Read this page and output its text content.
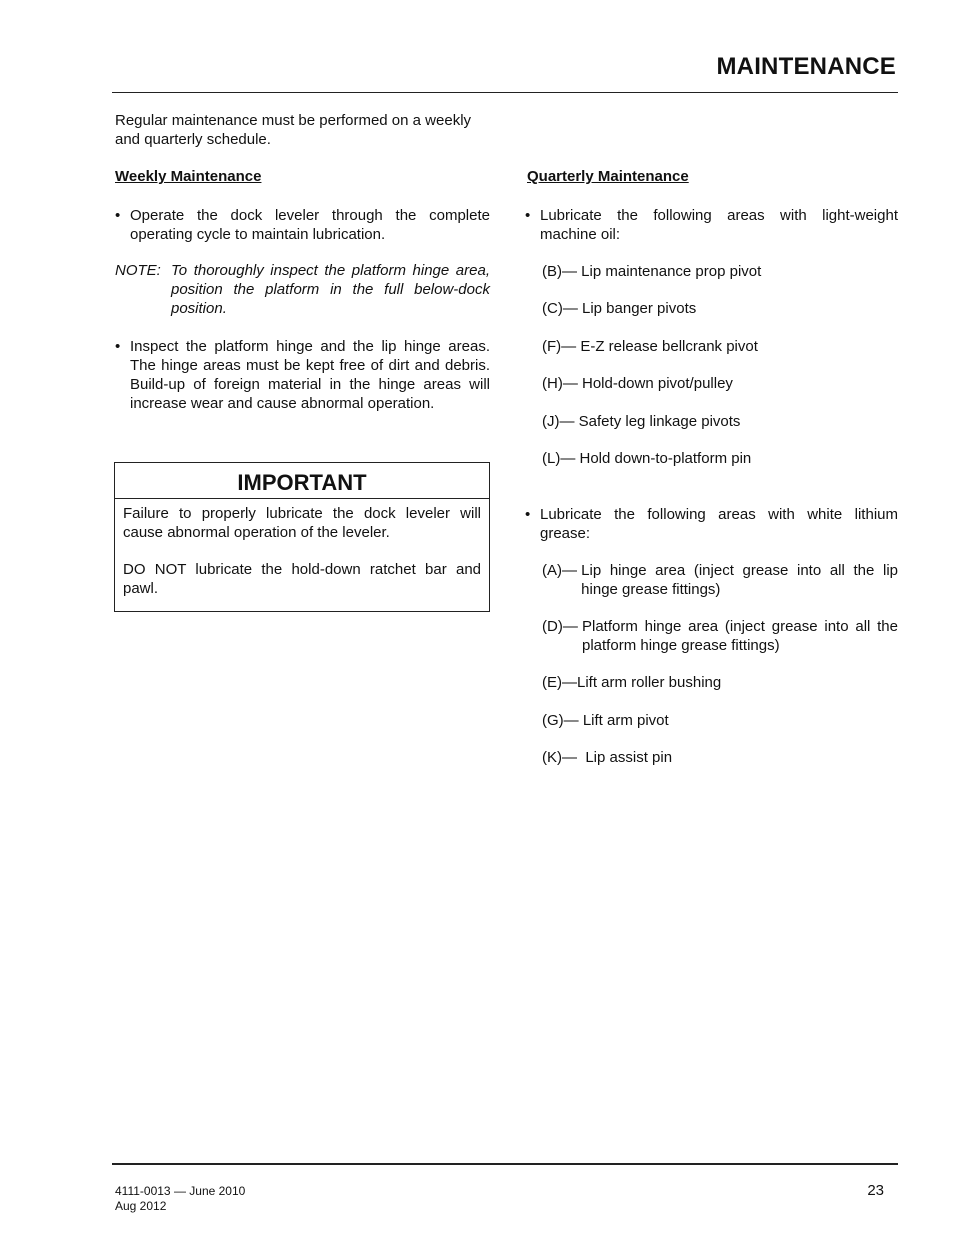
MAINTENANCE
Regular maintenance must be performed on a weekly and quarterly schedule.
Weekly Maintenance
• Operate the dock leveler through the complete operating cycle to maintain lubrication.
NOTE: To thoroughly inspect the platform hinge area, position the platform in the full below-dock position.
• Inspect the platform hinge and the lip hinge areas. The hinge areas must be kept free of dirt and debris. Build-up of foreign material in the hinge areas will increase wear and cause abnormal operation.
IMPORTANT

Failure to properly lubricate the dock leveler will cause abnormal operation of the leveler.

DO NOT lubricate the hold-down ratchet bar and pawl.

Quarterly Maintenance
• Lubricate the following areas with light-weight machine oil:
(B)— Lip maintenance prop pivot
(C)— Lip banger pivots
(F)— E-Z release bellcrank pivot
(H)— Hold-down pivot/pulley
(J)— Safety leg linkage pivots
(L)— Hold down-to-platform pin
• Lubricate the following areas with white lithium grease:
(A)— Lip hinge area (inject grease into all the lip hinge grease fittings)
(D)— Platform hinge area (inject grease into all the platform hinge grease fittings)
(E)— Lift arm roller bushing
(G)— Lift arm pivot
(K)— Lip assist pin
4111-0013 — June 2010
Aug 2012
23
